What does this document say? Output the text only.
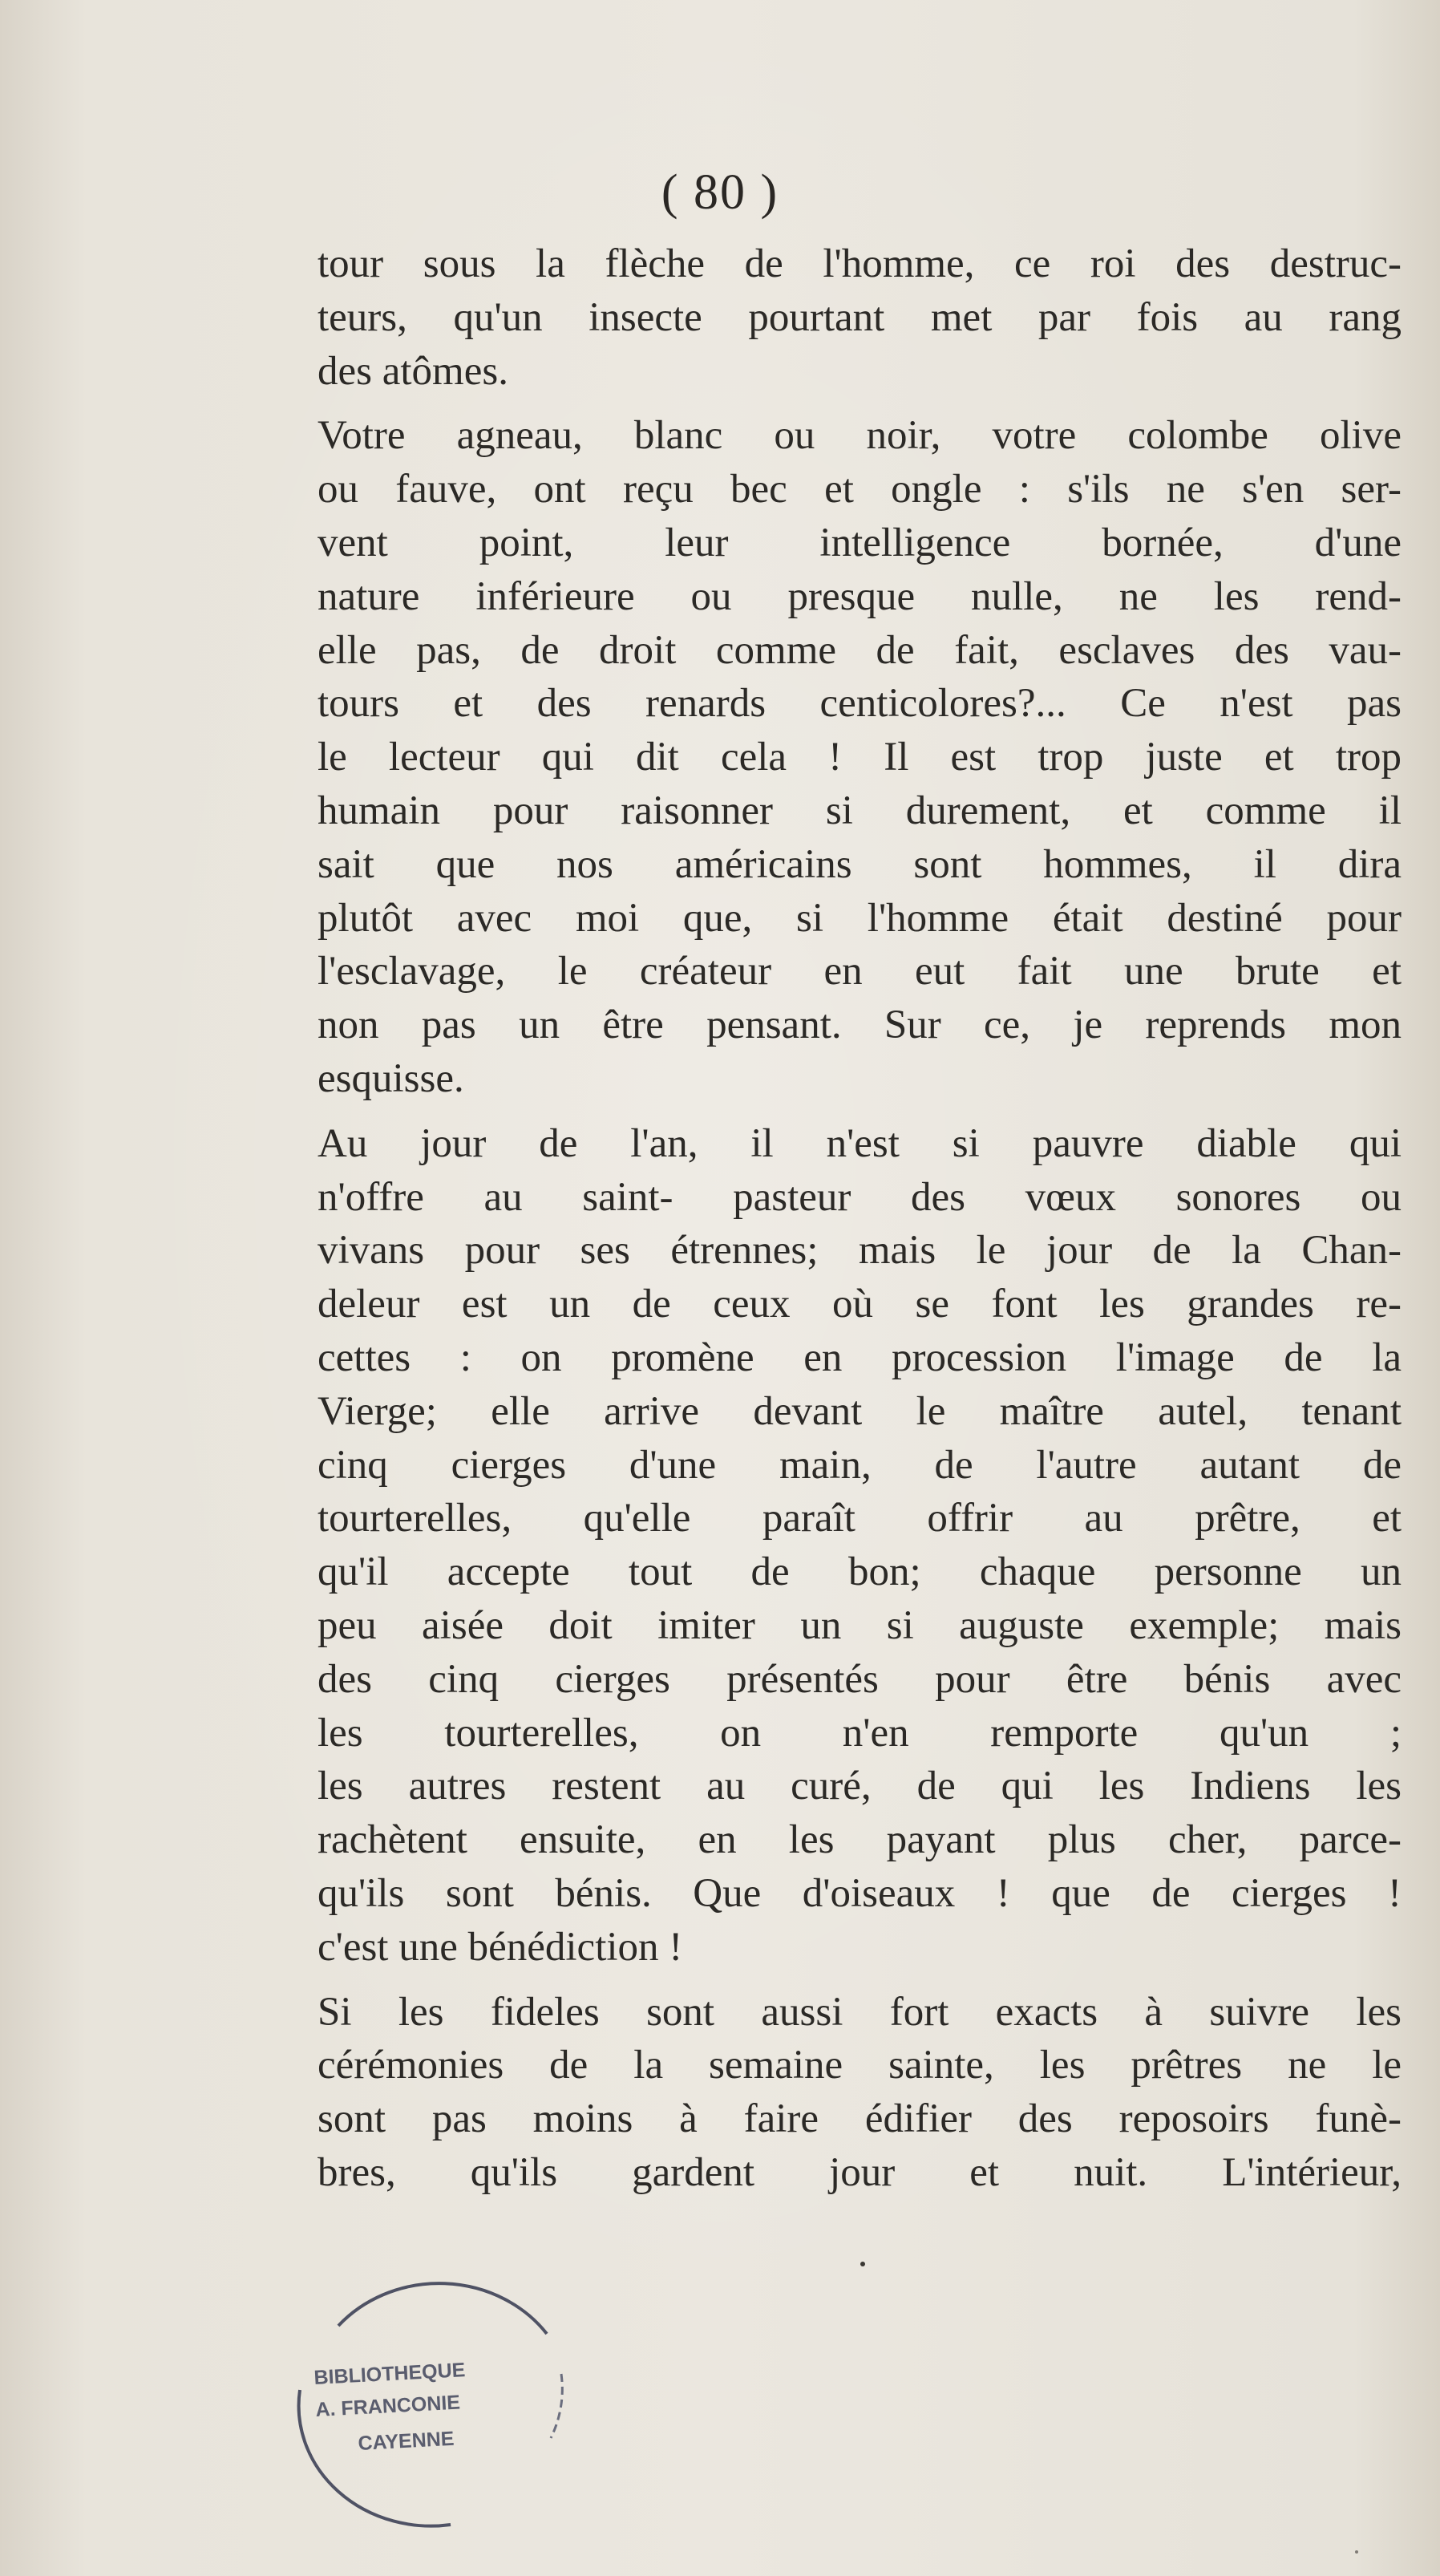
( 80 )
tour sous la flèche de l'homme, ce roi des destruc-
teurs, qu'un insecte pourtant met par fois au rang
des atômes.
Votre agneau, blanc ou noir, votre colombe olive
ou fauve, ont reçu bec et ongle : s'ils ne s'en ser-
vent point, leur intelligence bornée, d'une
nature inférieure ou presque nulle, ne les rend-
elle pas, de droit comme de fait, esclaves des vau-
tours et des renards centicolores?... Ce n'est pas
le lecteur qui dit cela ! Il est trop juste et trop
humain pour raisonner si durement, et comme il
sait que nos américains sont hommes, il dira
plutôt avec moi que, si l'homme était destiné pour
l'esclavage, le créateur en eut fait une brute et
non pas un être pensant. Sur ce, je reprends mon
esquisse.
Au jour de l'an, il n'est si pauvre diable qui
n'offre au saint- pasteur des vœux sonores ou
vivans pour ses étrennes; mais le jour de la Chan-
deleur est un de ceux où se font les grandes re-
cettes : on promène en procession l'image de la
Vierge; elle arrive devant le maître autel, tenant
cinq cierges d'une main, de l'autre autant de
tourterelles, qu'elle paraît offrir au prêtre, et
qu'il accepte tout de bon; chaque personne un
peu aisée doit imiter un si auguste exemple; mais
des cinq cierges présentés pour être bénis avec
les tourterelles, on n'en remporte qu'un ;
les autres restent au curé, de qui les Indiens les
rachètent ensuite, en les payant plus cher, parce-
qu'ils sont bénis. Que d'oiseaux ! que de cierges !
c'est une bénédiction !
Si les fideles sont aussi fort exacts à suivre les
cérémonies de la semaine sainte, les prêtres ne le
sont pas moins à faire édifier des reposoirs funè-
bres, qu'ils gardent jour et nuit. L'intérieur,
BIBLIOTHEQUE
A. FRANCONIE
CAYENNE
